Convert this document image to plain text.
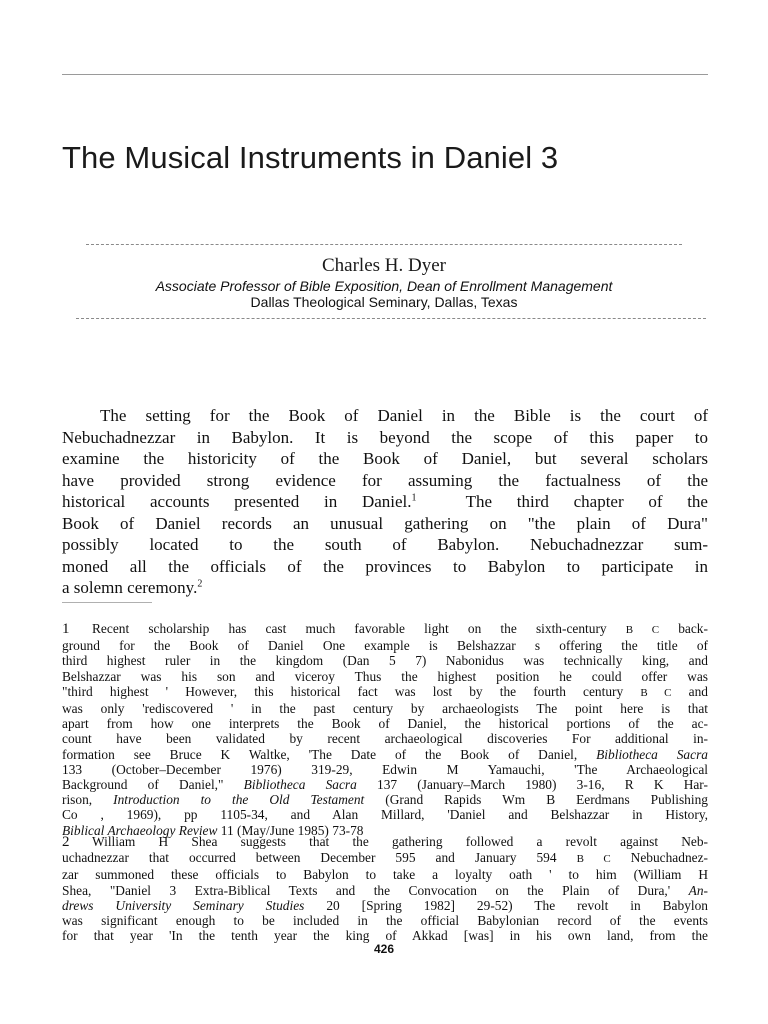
The Musical Instruments in Daniel 3
Charles H. Dyer
Associate Professor of Bible Exposition, Dean of Enrollment Management
Dallas Theological Seminary, Dallas, Texas
The setting for the Book of Daniel in the Bible is the court of
Nebuchadnezzar in Babylon. It is beyond the scope of this paper to
examine the historicity of the Book of Daniel, but several scholars
have provided strong evidence for assuming the factualness of the
historical accounts presented in Daniel.$^1$	The third chapter of the
Book of Daniel records an unusual gathering on "the plain of Dura"
possibly located to the south of Babylon. Nebuchadnezzar sum-
moned all the officials of the provinces to Babylon to participate in
a solemn ceremony.$^2$
1 Recent scholarship has cast much favorable light on the sixth-century B C back-
ground for the Book of Daniel One example is Belshazzar s offering the title of
third highest ruler in the kingdom (Dan 5 7) Nabonidus was technically king, and
Belshazzar was his son and viceroy Thus the highest position he could offer was
"third highest ' However, this historical fact was lost by the fourth century B C and
was only 'rediscovered ' in the past century by archaeologists The point here is that
apart from how one interprets the Book of Daniel, the historical portions of the ac-
count have been validated by recent archaeological discoveries For additional in-
formation see Bruce K Waltke, 'The Date of the Book of Daniel, Bibliotheca Sacra
133 (October–December 1976) 319-29, Edwin M Yamauchi, 'The Archaeological
Background of Daniel," Bibliotheca Sacra 137 (January–March 1980) 3-16, R K Har-
rison, Introduction to the Old Testament (Grand Rapids Wm B Eerdmans Publishing
Co , 1969), pp 1105-34, and Alan Millard, 'Daniel and Belshazzar in History,
Biblical Archaeology Review 11 (May/June 1985) 73-78
2 William H Shea suggests that the gathering followed a revolt against Neb-
uchadnezzar that occurred between December 595 and January 594 B C Nebuchadnez-
zar summoned these officials to Babylon to take a loyalty oath ' to him (William H
Shea, "Daniel 3 Extra-Biblical Texts and the Convocation on the Plain of Dura,' An-
drews University Seminary Studies 20 [Spring 1982] 29-52) The revolt in Babylon
was significant enough to be included in the official Babylonian record of the events
for that year 'In the tenth year the king of Akkad [was] in his own land, from the
426
